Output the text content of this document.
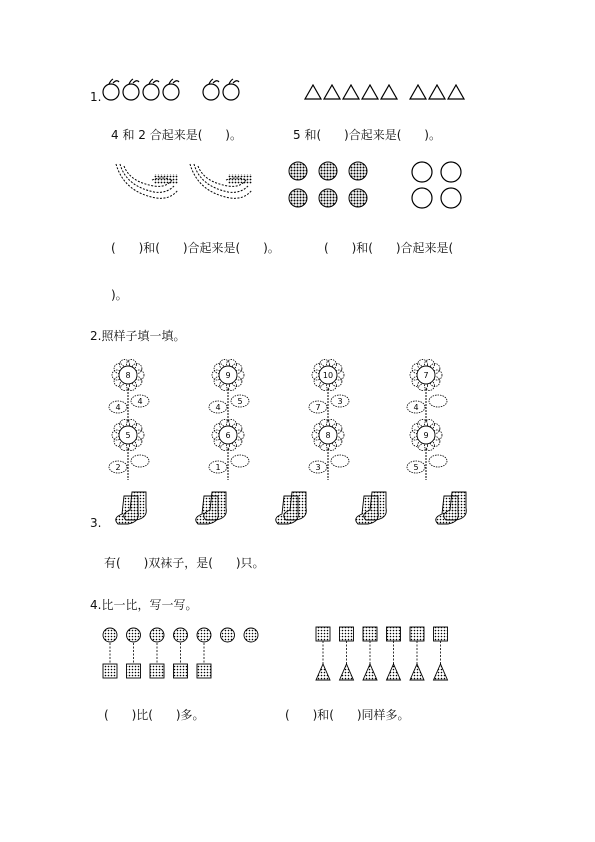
1.
4 和 2 合起来是(      )。	5 和(      )合起来是(      )。
(      )和(      )合起来是(      )。	(      )和(      )合起来是(
)。
2.照样子填一填。
8
4
4
9
4
5
10
7
3
7
4
5
2
6
1
8
3
9
5
3.
有(      )双袜子，是(      )只。
4.比一比，写一写。
(      )比(      )多。	(      )和(      )同样多。
